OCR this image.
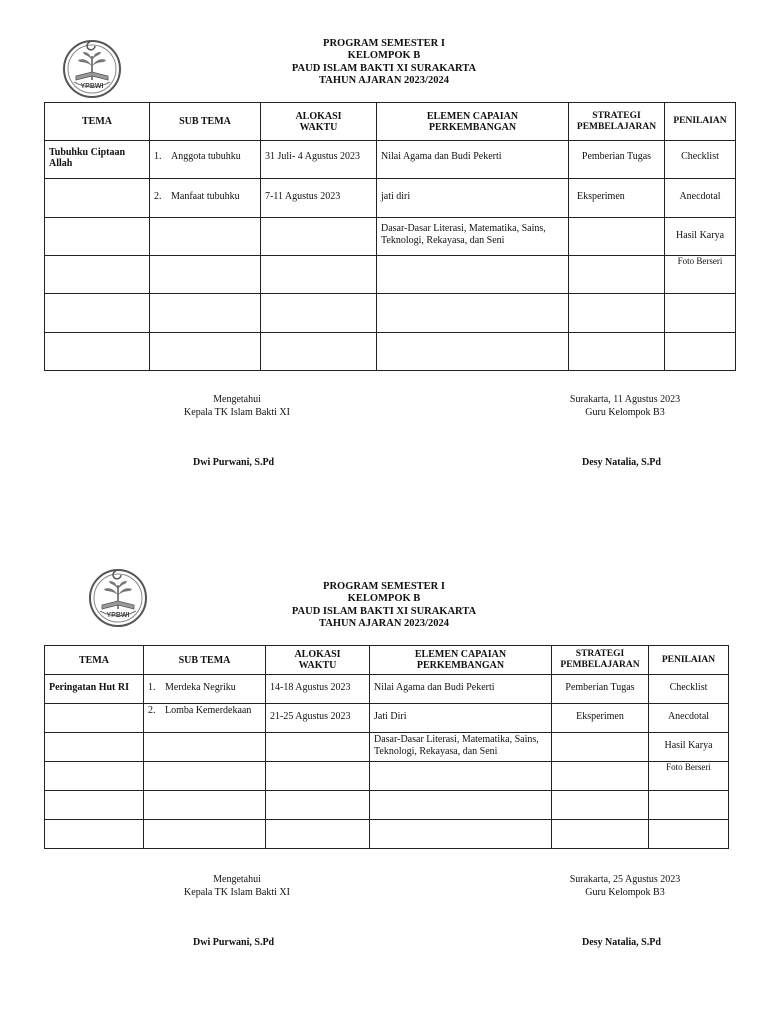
YPBWI
PROGRAM SEMESTER I
KELOMPOK B
PAUD ISLAM BAKTI XI SURAKARTA
TAHUN AJARAN 2023/2024
TEMA	SUB TEMA	ALOKASI WAKTU	ELEMEN CAPAIAN PERKEMBANGAN	STRATEGI PEMBELAJARAN	PENILAIAN
Tubuhku Ciptaan Allah	1. Anggota tubuhku	31 Juli- 4 Agustus 2023	Nilai Agama dan Budi Pekerti	Pemberian Tugas	Checklist

	2. Manfaat tubuhku	7-11 Agustus 2023	jati diri	Eksperimen	Anecdotal
			Dasar-Dasar Literasi, Matematika, Sains, Teknologi, Rekayasa, dan Seni		Hasil Karya
					Foto Berseri

Mengetahui
Kepala TK Islam Bakti XI
Surakarta, 11 Agustus 2023
Guru Kelompok B3
Dwi Purwani, S.Pd	Desy Natalia, S.Pd
YPBWI
PROGRAM SEMESTER I
KELOMPOK B
PAUD ISLAM BAKTI XI SURAKARTA
TAHUN AJARAN 2023/2024
TEMA	SUB TEMA	ALOKASI WAKTU	ELEMEN CAPAIAN PERKEMBANGAN	STRATEGI PEMBELAJARAN	PENILAIAN
Peringatan Hut RI	1. Merdeka Negriku	14-18 Agustus 2023	Nilai Agama dan Budi Pekerti	Pemberian Tugas	Checklist

	2. Lomba Kemerdekaan	21-25 Agustus 2023	Jati Diri	Eksperimen	Anecdotal
			Dasar-Dasar Literasi, Matematika, Sains, Teknologi, Rekayasa, dan Seni		Hasil Karya
					Foto Berseri

Mengetahui
Kepala TK Islam Bakti XI
Surakarta, 25 Agustus 2023
Guru Kelompok B3
Dwi Purwani, S.Pd	Desy Natalia, S.Pd
